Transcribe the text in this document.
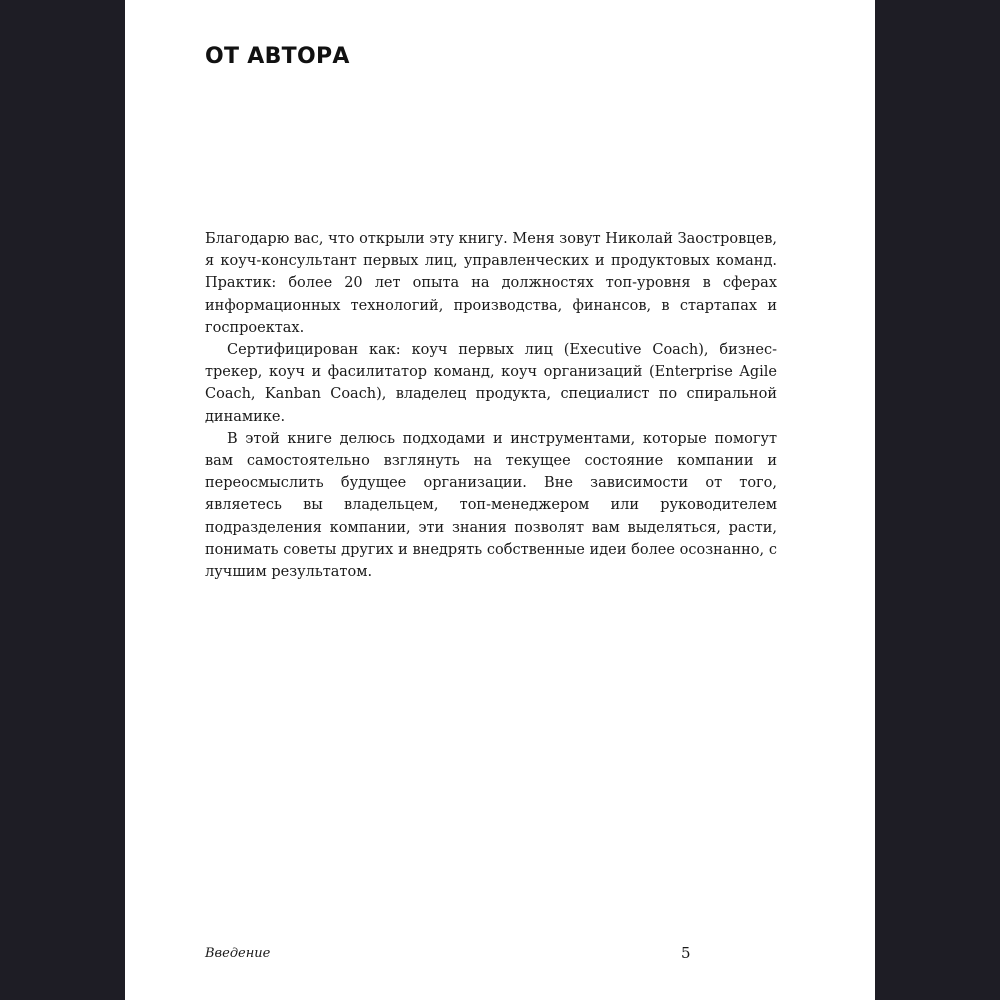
ОТ АВТОРА

Благодарю вас, что открыли эту книгу. Меня зовут Николай Заостровцев, я коуч-консультант первых лиц, управленческих и продуктовых команд. Практик: более 20 лет опыта на должностях топ-уровня в сферах информационных технологий, производства, финансов, в стартапах и госпроектах.

Сертифицирован как: коуч первых лиц (Executive Coach), бизнес-трекер, коуч и фасилитатор команд, коуч организаций (Enterprise Agile Coach, Kanban Coach), владелец продукта, специалист по спиральной динамике.

В этой книге делюсь подходами и инструментами, которые помогут вам самостоятельно взглянуть на текущее состояние компании и переосмыслить будущее организации. Вне зависимости от того, являетесь вы владельцем, топ-менеджером или руководителем подразделения компании, эти знания позволят вам выделяться, расти, понимать советы других и внедрять собственные идеи более осознанно, с лучшим результатом.

Введение	5
